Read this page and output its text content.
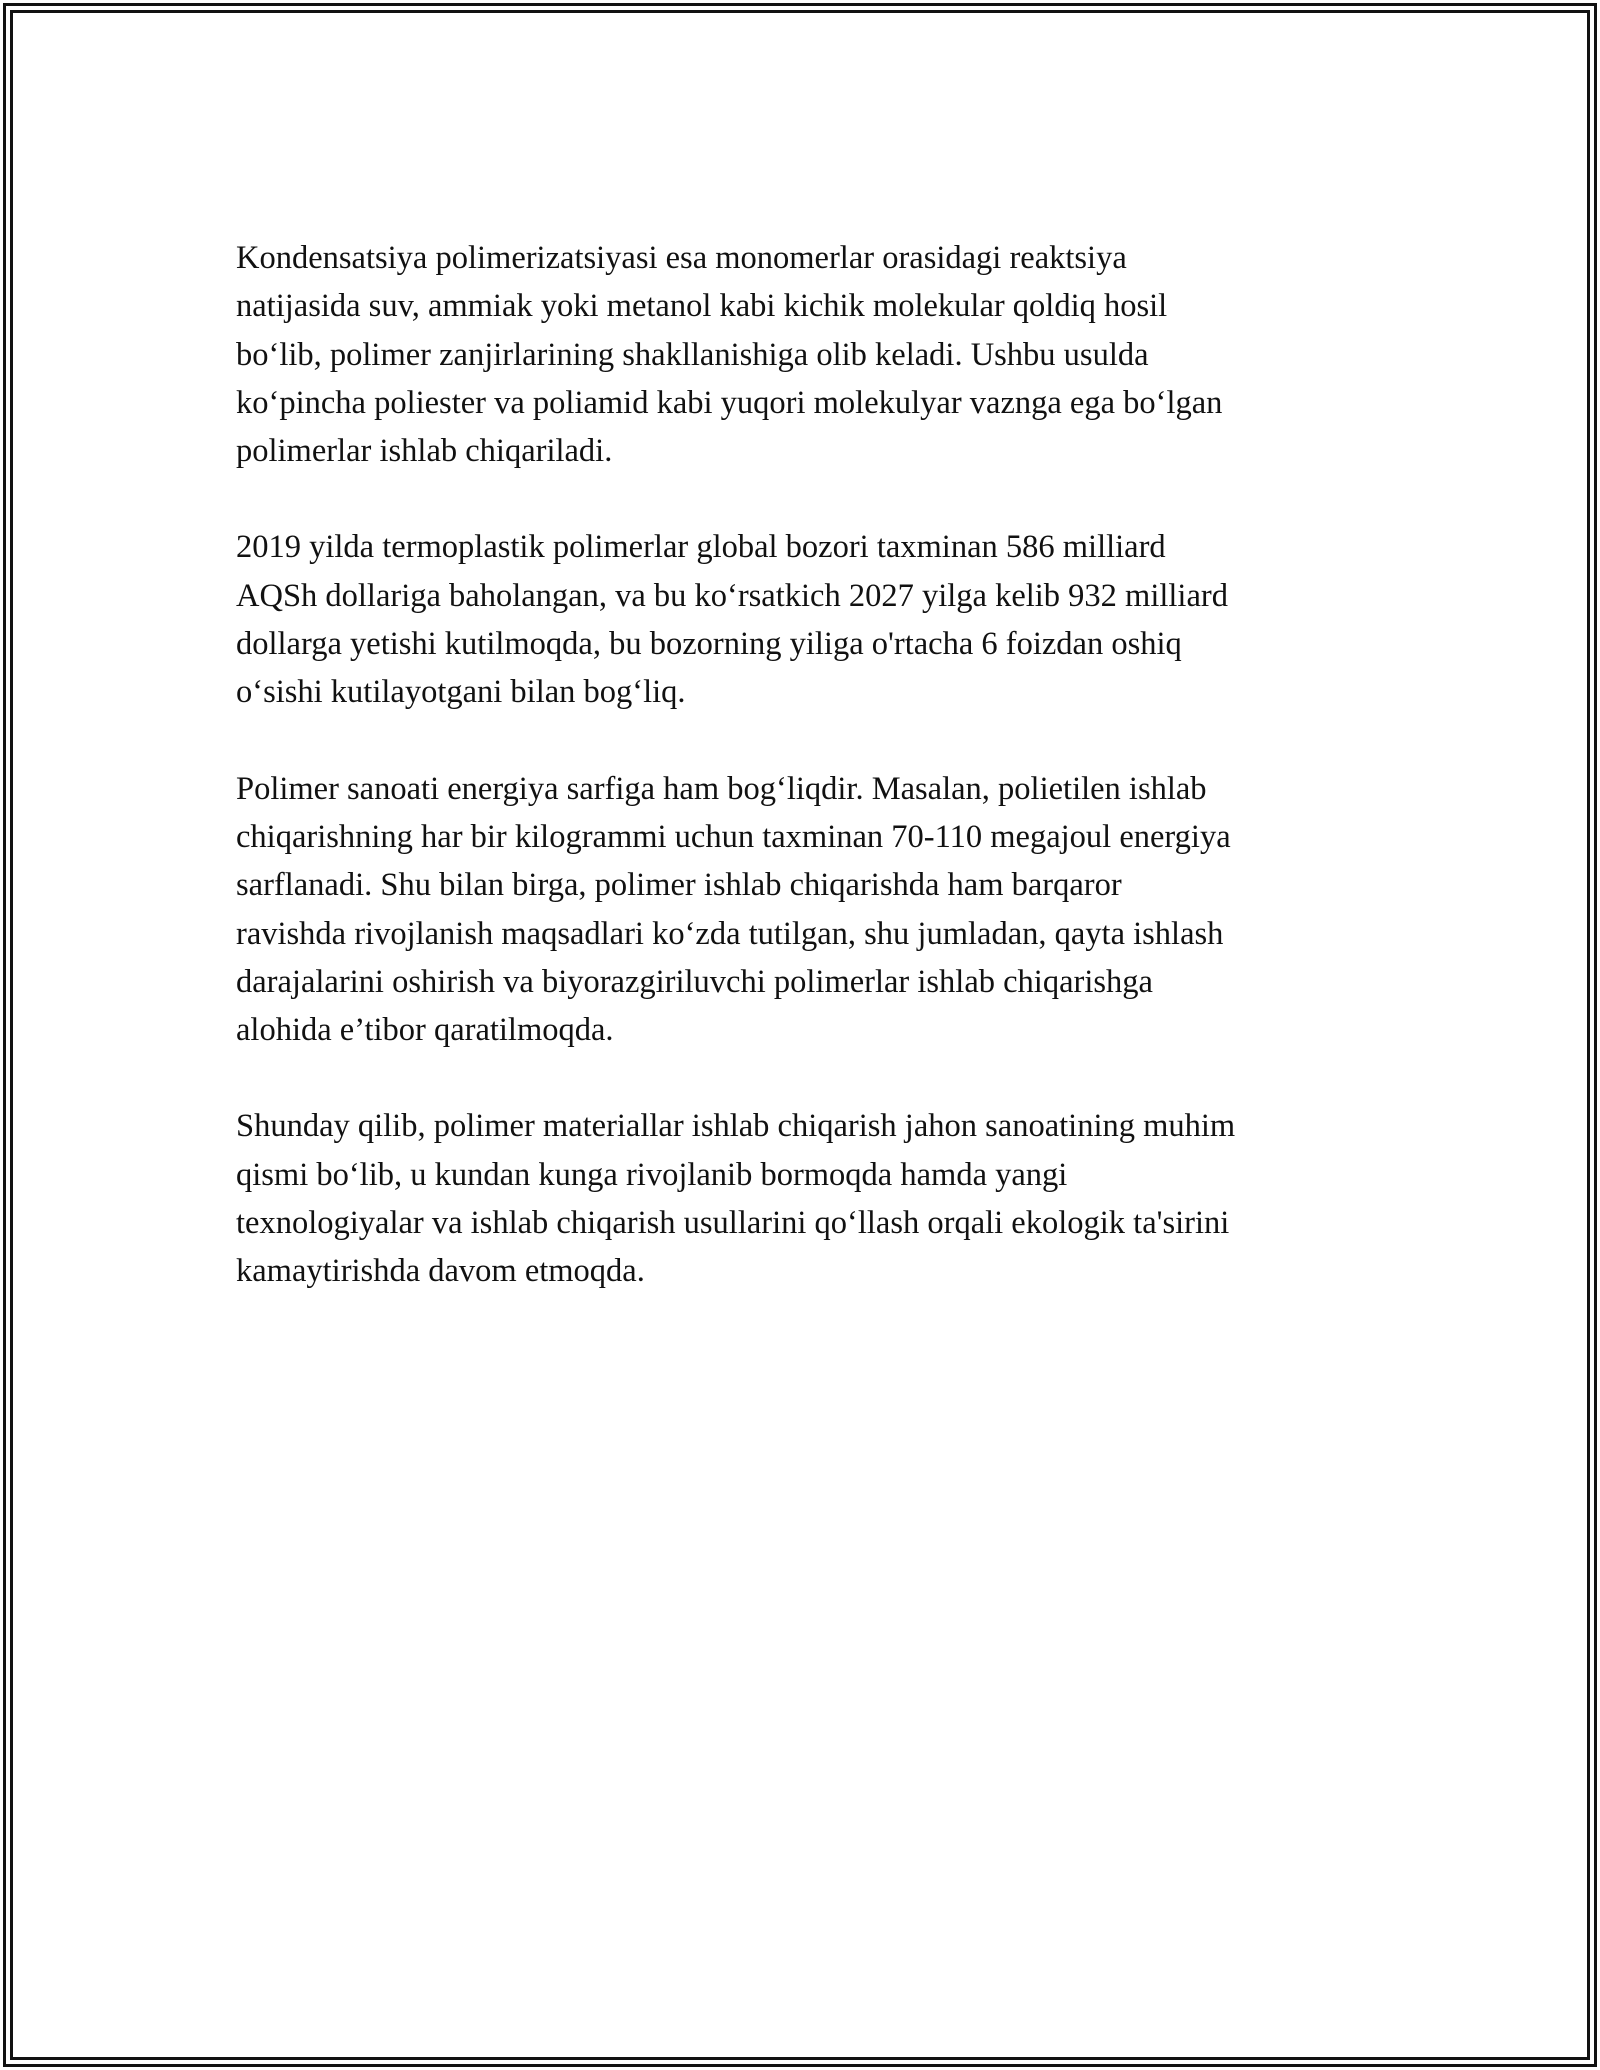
Kondensatsiya polimerizatsiyasi esa monomerlar orasidagi reaktsiya
natijasida suv, ammiak yoki metanol kabi kichik molekular qoldiq hosil
bo‘lib, polimer zanjirlarining shakllanishiga olib keladi. Ushbu usulda
ko‘pincha poliester va poliamid kabi yuqori molekulyar vaznga ega bo‘lgan
polimerlar ishlab chiqariladi.

2019 yilda termoplastik polimerlar global bozori taxminan 586 milliard
AQSh dollariga baholangan, va bu ko‘rsatkich 2027 yilga kelib 932 milliard
dollarga yetishi kutilmoqda, bu bozorning yiliga o'rtacha 6 foizdan oshiq
o‘sishi kutilayotgani bilan bog‘liq.

Polimer sanoati energiya sarfiga ham bog‘liqdir. Masalan, polietilen ishlab
chiqarishning har bir kilogrammi uchun taxminan 70-110 megajoul energiya
sarflanadi. Shu bilan birga, polimer ishlab chiqarishda ham barqaror
ravishda rivojlanish maqsadlari ko‘zda tutilgan, shu jumladan, qayta ishlash
darajalarini oshirish va biyorazgiriluvchi polimerlar ishlab chiqarishga
alohida e’tibor qaratilmoqda.

Shunday qilib, polimer materiallar ishlab chiqarish jahon sanoatining muhim
qismi bo‘lib, u kundan kunga rivojlanib bormoqda hamda yangi
texnologiyalar va ishlab chiqarish usullarini qo‘llash orqali ekologik ta'sirini
kamaytirishda davom etmoqda.
